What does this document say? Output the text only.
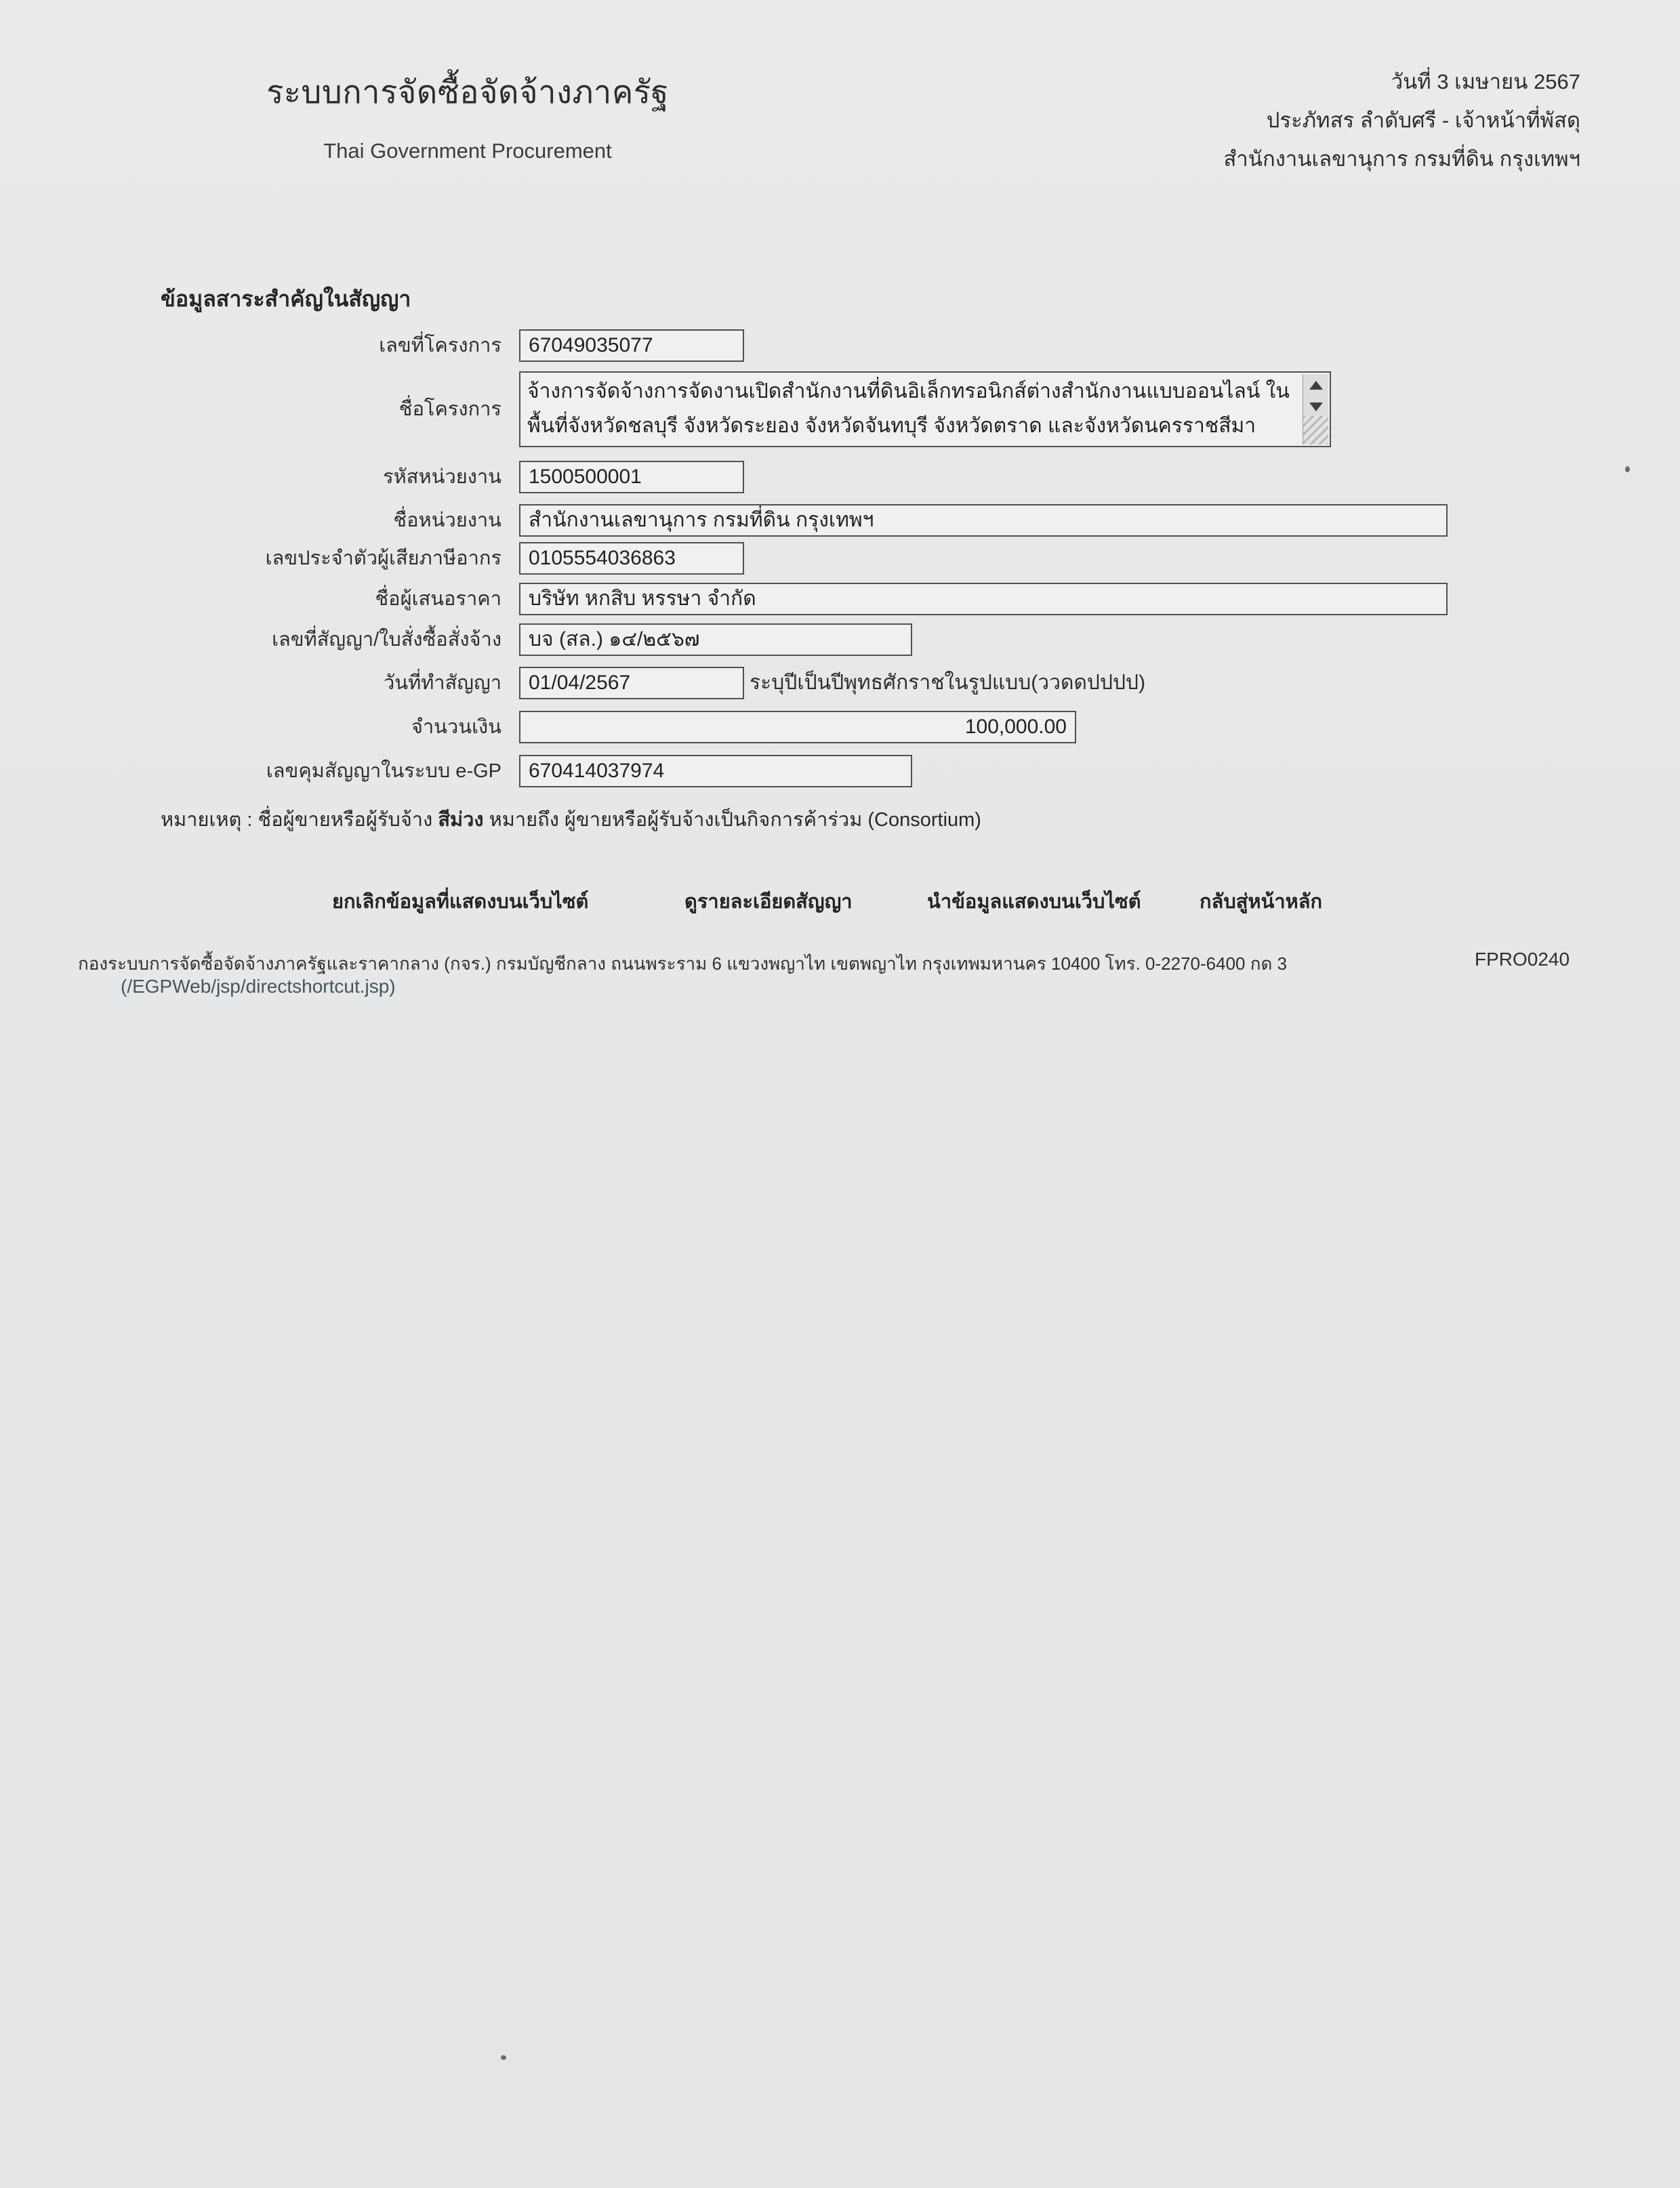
ระบบการจัดซื้อจัดจ้างภาครัฐ
Thai Government Procurement
วันที่ 3 เมษายน 2567
ประภัทสร ลำดับศรี - เจ้าหน้าที่พัสดุ
สำนักงานเลขานุการ กรมที่ดิน กรุงเทพฯ
ข้อมูลสาระสำคัญในสัญญา
เลขที่โครงการ	67049035077
ชื่อโครงการ
จ้างการจัดจ้างการจัดงานเปิดสำนักงานที่ดินอิเล็กทรอนิกส์ต่างสำนักงานแบบออนไลน์ ในพื้นที่จังหวัดชลบุรี จังหวัดระยอง จังหวัดจันทบุรี จังหวัดตราด และจังหวัดนครราชสีมา
รหัสหน่วยงาน	1500500001
ชื่อหน่วยงาน	สำนักงานเลขานุการ กรมที่ดิน กรุงเทพฯ
เลขประจำตัวผู้เสียภาษีอากร	0105554036863
ชื่อผู้เสนอราคา	บริษัท หกสิบ หรรษา จำกัด
เลขที่สัญญา/ใบสั่งซื้อสั่งจ้าง	บจ (สล.) ๑๔/๒๕๖๗
วันที่ทำสัญญา	01/04/2567	ระบุปีเป็นปีพุทธศักราชในรูปแบบ(ววดดปปปป)
จำนวนเงิน	100,000.00
เลขคุมสัญญาในระบบ e-GP	670414037974
หมายเหตุ : ชื่อผู้ขายหรือผู้รับจ้าง สีม่วง หมายถึง ผู้ขายหรือผู้รับจ้างเป็นกิจการค้าร่วม (Consortium)
ยกเลิกข้อมูลที่แสดงบนเว็บไซต์	ดูรายละเอียดสัญญา	นำข้อมูลแสดงบนเว็บไซต์	กลับสู่หน้าหลัก
กองระบบการจัดซื้อจัดจ้างภาครัฐและราคากลาง (กจร.) กรมบัญชีกลาง ถนนพระราม 6 แขวงพญาไท เขตพญาไท กรุงเทพมหานคร 10400 โทร. 0-2270-6400 กด 3	FPRO0240
(/EGPWeb/jsp/directshortcut.jsp)
